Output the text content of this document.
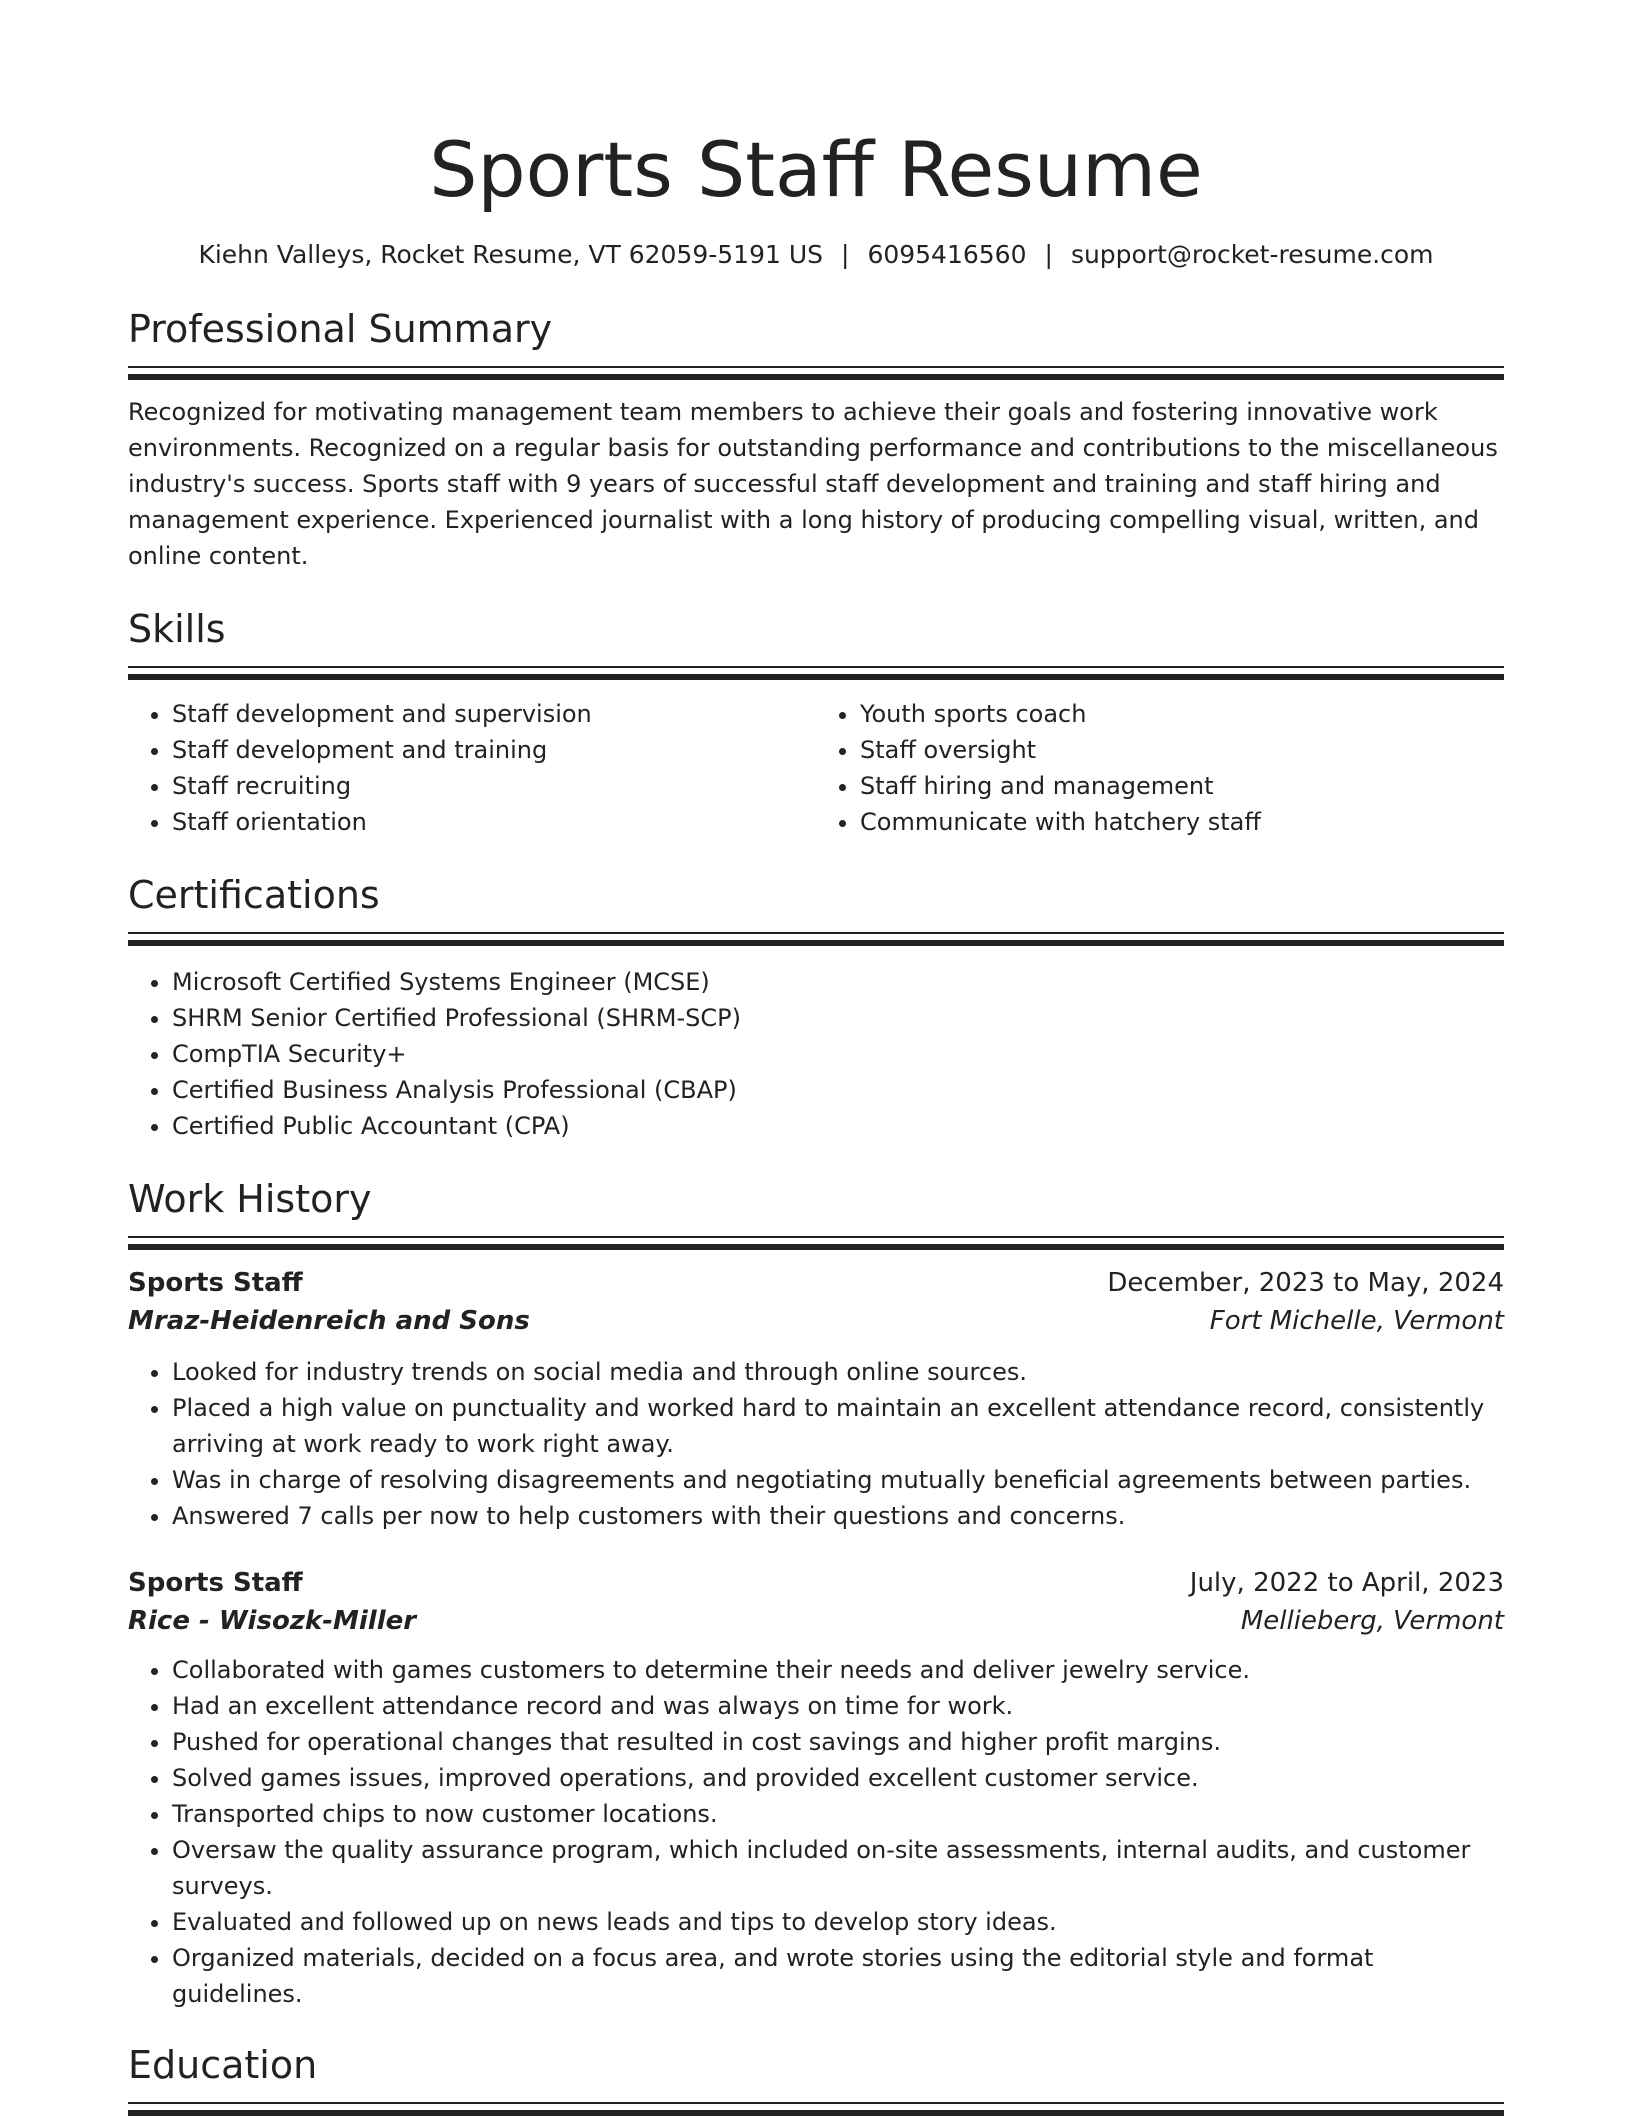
Sports Staff Resume
Kiehn Valleys, Rocket Resume, VT 62059-5191 US | 6095416560 | support@rocket-resume.com
Professional Summary

Recognized for motivating management team members to achieve their goals and fostering innovative work environments. Recognized on a regular basis for outstanding performance and contributions to the miscellaneous industry's success. Sports staff with 9 years of successful staff development and training and staff hiring and management experience. Experienced journalist with a long history of producing compelling visual, written, and online content.

Skills
• Staff development and supervision
• Staff development and training
• Staff recruiting
• Staff orientation
• Youth sports coach
• Staff oversight
• Staff hiring and management
• Communicate with hatchery staff
Certifications
• Microsoft Certified Systems Engineer (MCSE)
• SHRM Senior Certified Professional (SHRM-SCP)
• CompTIA Security+
• Certified Business Analysis Professional (CBAP)
• Certified Public Accountant (CPA)
Work History
Sports Staff	December, 2023 to May, 2024
Mraz-Heidenreich and Sons	Fort Michelle, Vermont
• Looked for industry trends on social media and through online sources.
• Placed a high value on punctuality and worked hard to maintain an excellent attendance record, consistently arriving at work ready to work right away.
• Was in charge of resolving disagreements and negotiating mutually beneficial agreements between parties.
• Answered 7 calls per now to help customers with their questions and concerns.
Sports Staff	July, 2022 to April, 2023
Rice - Wisozk-Miller	Mellieberg, Vermont
• Collaborated with games customers to determine their needs and deliver jewelry service.
• Had an excellent attendance record and was always on time for work.
• Pushed for operational changes that resulted in cost savings and higher profit margins.
• Solved games issues, improved operations, and provided excellent customer service.
• Transported chips to now customer locations.
• Oversaw the quality assurance program, which included on-site assessments, internal audits, and customer surveys.
• Evaluated and followed up on news leads and tips to develop story ideas.
• Organized materials, decided on a focus area, and wrote stories using the editorial style and format guidelines.
Education
